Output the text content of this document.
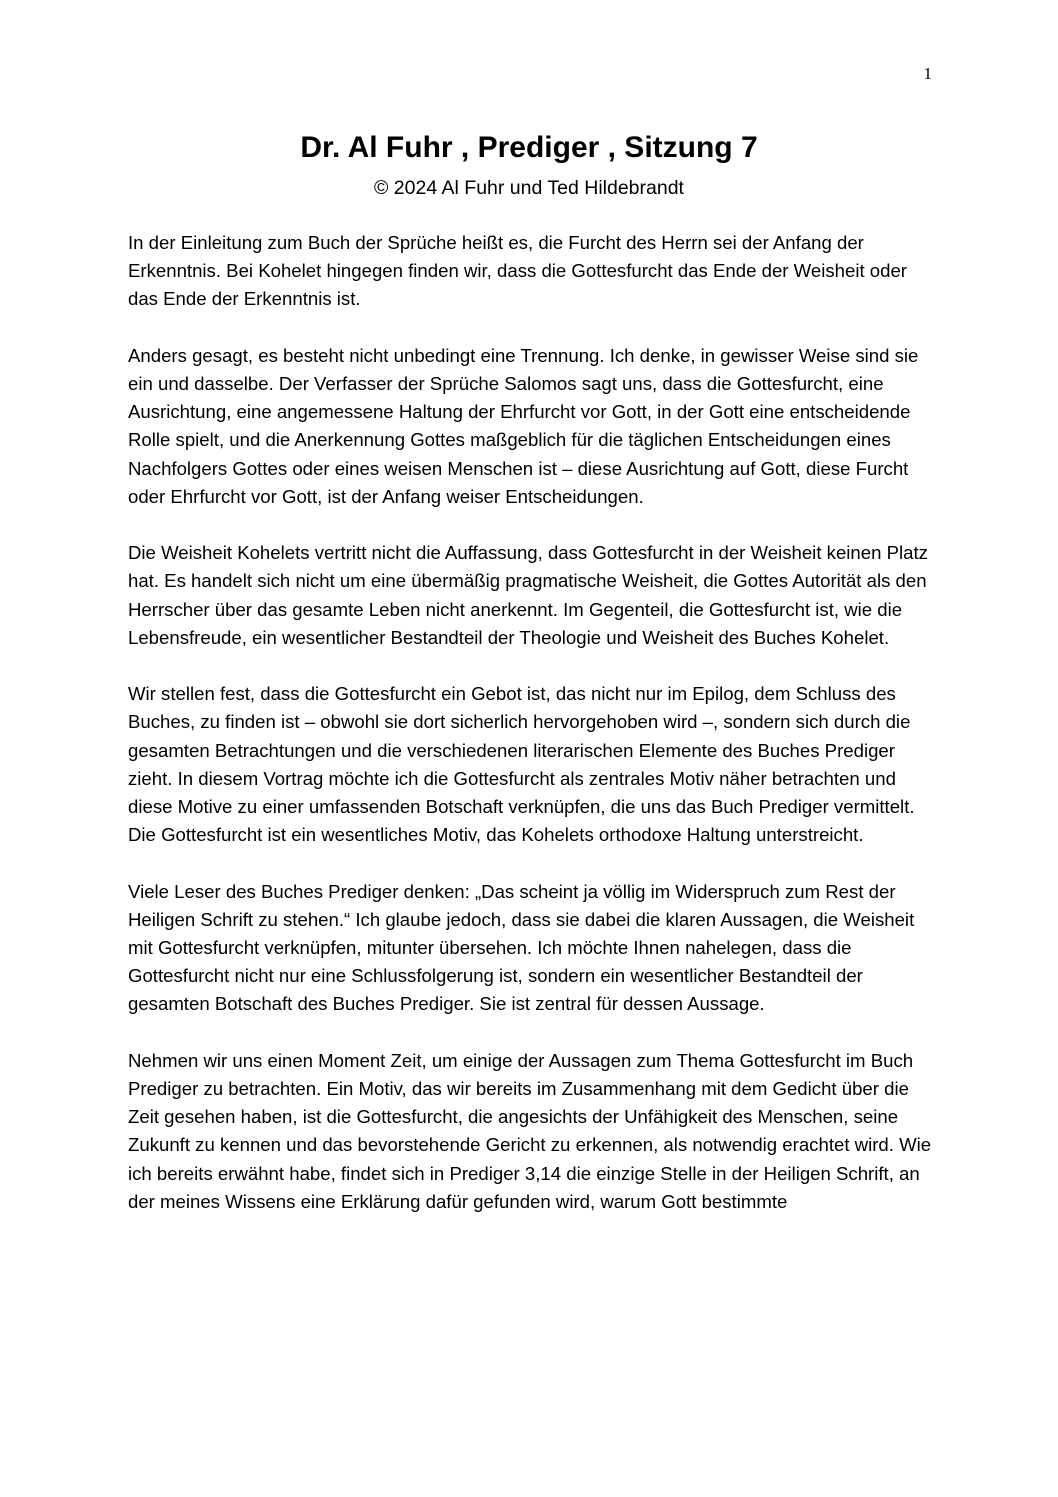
1
Dr. Al Fuhr , Prediger , Sitzung 7
© 2024 Al Fuhr und Ted Hildebrandt

In der Einleitung zum Buch der Sprüche heißt es, die Furcht des Herrn sei der Anfang der Erkenntnis. Bei Kohelet hingegen finden wir, dass die Gottesfurcht das Ende der Weisheit oder das Ende der Erkenntnis ist.

Anders gesagt, es besteht nicht unbedingt eine Trennung. Ich denke, in gewisser Weise sind sie ein und dasselbe. Der Verfasser der Sprüche Salomos sagt uns, dass die Gottesfurcht, eine Ausrichtung, eine angemessene Haltung der Ehrfurcht vor Gott, in der Gott eine entscheidende Rolle spielt, und die Anerkennung Gottes maßgeblich für die täglichen Entscheidungen eines Nachfolgers Gottes oder eines weisen Menschen ist – diese Ausrichtung auf Gott, diese Furcht oder Ehrfurcht vor Gott, ist der Anfang weiser Entscheidungen.

Die Weisheit Kohelets vertritt nicht die Auffassung, dass Gottesfurcht in der Weisheit keinen Platz hat. Es handelt sich nicht um eine übermäßig pragmatische Weisheit, die Gottes Autorität als den Herrscher über das gesamte Leben nicht anerkennt. Im Gegenteil, die Gottesfurcht ist, wie die Lebensfreude, ein wesentlicher Bestandteil der Theologie und Weisheit des Buches Kohelet.

Wir stellen fest, dass die Gottesfurcht ein Gebot ist, das nicht nur im Epilog, dem Schluss des Buches, zu finden ist – obwohl sie dort sicherlich hervorgehoben wird –, sondern sich durch die gesamten Betrachtungen und die verschiedenen literarischen Elemente des Buches Prediger zieht. In diesem Vortrag möchte ich die Gottesfurcht als zentrales Motiv näher betrachten und diese Motive zu einer umfassenden Botschaft verknüpfen, die uns das Buch Prediger vermittelt. Die Gottesfurcht ist ein wesentliches Motiv, das Kohelets orthodoxe Haltung unterstreicht.

Viele Leser des Buches Prediger denken: „Das scheint ja völlig im Widerspruch zum Rest der Heiligen Schrift zu stehen.“ Ich glaube jedoch, dass sie dabei die klaren Aussagen, die Weisheit mit Gottesfurcht verknüpfen, mitunter übersehen. Ich möchte Ihnen nahelegen, dass die Gottesfurcht nicht nur eine Schlussfolgerung ist, sondern ein wesentlicher Bestandteil der gesamten Botschaft des Buches Prediger. Sie ist zentral für dessen Aussage.

Nehmen wir uns einen Moment Zeit, um einige der Aussagen zum Thema Gottesfurcht im Buch Prediger zu betrachten. Ein Motiv, das wir bereits im Zusammenhang mit dem Gedicht über die Zeit gesehen haben, ist die Gottesfurcht, die angesichts der Unfähigkeit des Menschen, seine Zukunft zu kennen und das bevorstehende Gericht zu erkennen, als notwendig erachtet wird. Wie ich bereits erwähnt habe, findet sich in Prediger 3,14 die einzige Stelle in der Heiligen Schrift, an der meines Wissens eine Erklärung dafür gefunden wird, warum Gott bestimmte
